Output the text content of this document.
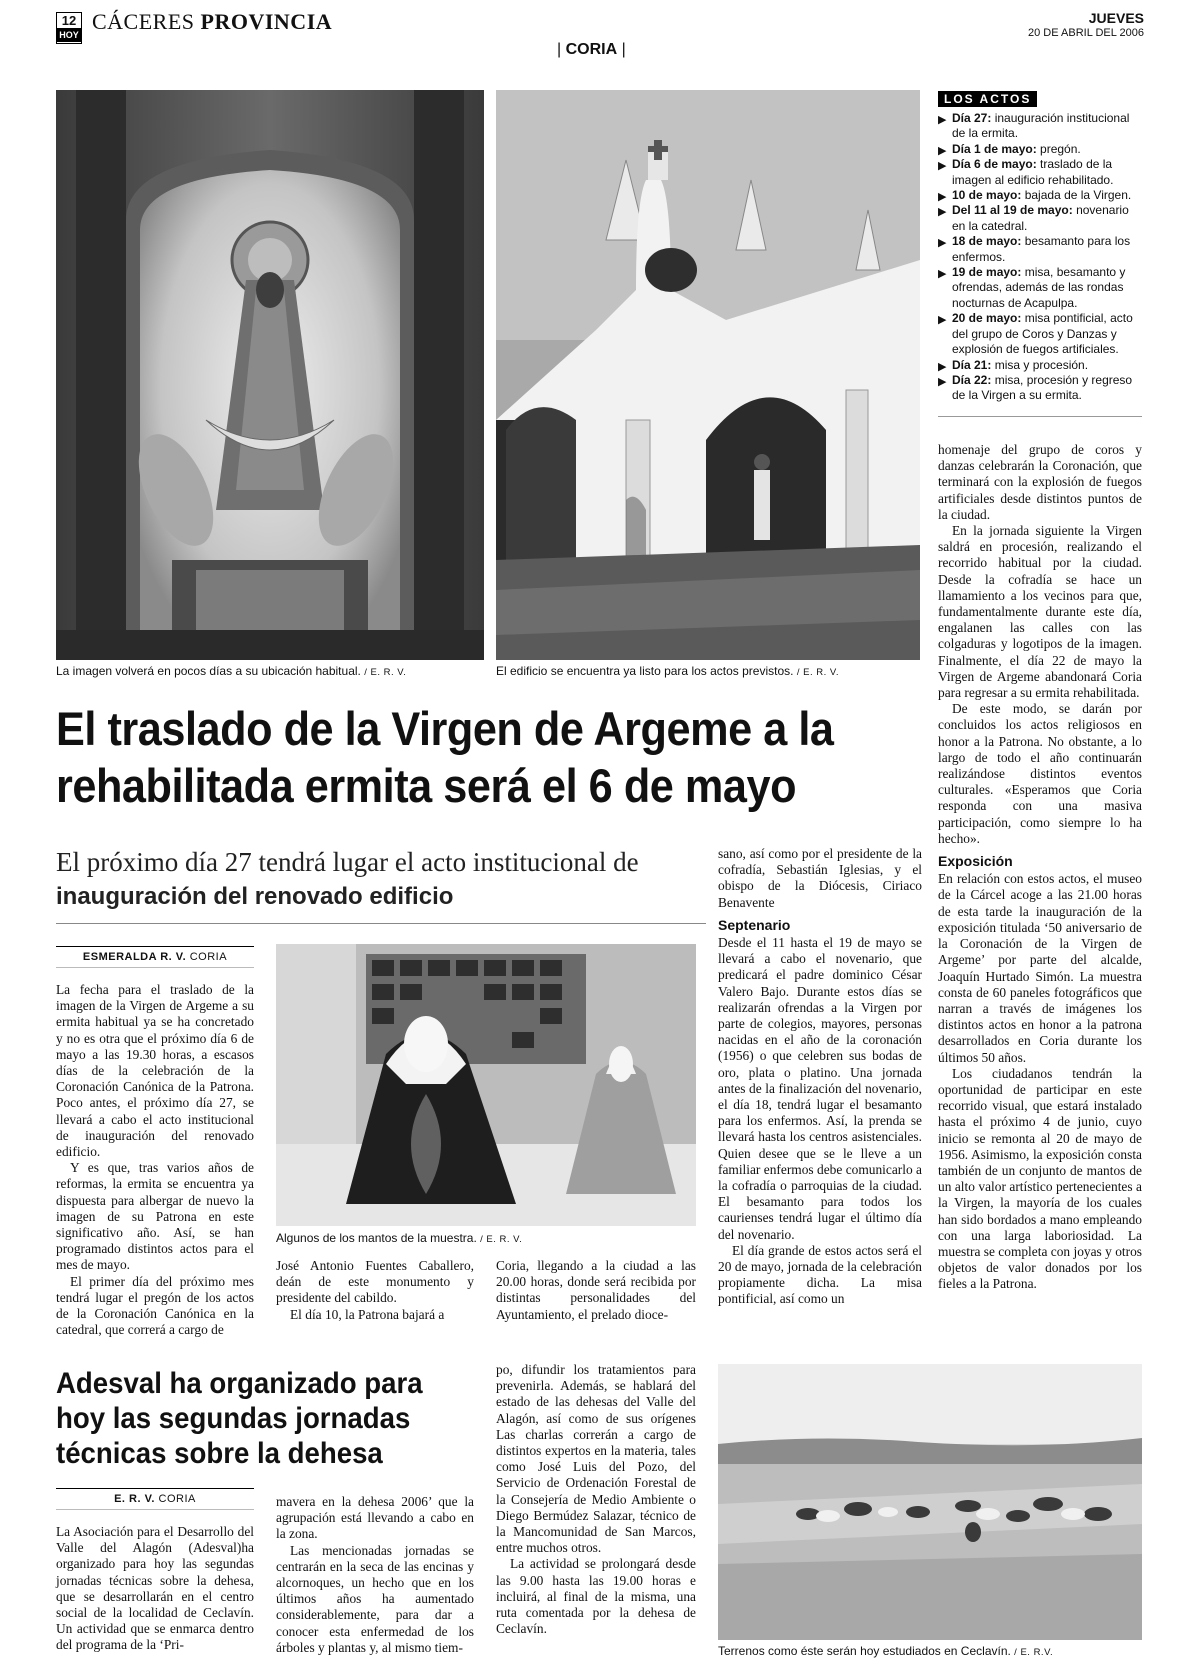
12
HOY
CÁCERES PROVINCIA	JUEVES
20 DE ABRIL DEL 2006
| CORIA |
La imagen volverá en pocos días a su ubicación habitual. / E. R. V.	El edificio se encuentra ya listo para los actos previstos. / E. R. V.
LOS ACTOS
▶ Día 27: inauguración institucional de la ermita.
▶ Día 1 de mayo: pregón.
▶ Día 6 de mayo: traslado de la imagen al edificio rehabilitado.
▶ 10 de mayo: bajada de la Virgen.
▶ Del 11 al 19 de mayo: novenario en la catedral.
▶ 18 de mayo: besamanto para los enfermos.
▶ 19 de mayo: misa, besamanto y ofrendas, además de las rondas nocturnas de Acapulpa.
▶ 20 de mayo: misa pontificial, acto del grupo de Coros y Danzas y explosión de fuegos artificiales.
▶ Día 21: misa y procesión.
▶ Día 22: misa, procesión y regreso de la Virgen a su ermita.
El traslado de la Virgen de Argeme a la rehabilitada ermita será el 6 de mayo
El próximo día 27 tendrá lugar el acto institucional de inauguración del renovado edificio
ESMERALDA R. V. CORIA

La fecha para el traslado de la imagen de la Virgen de Argeme a su ermita habitual ya se ha concretado y no es otra que el próximo día 6 de mayo a las 19.30 horas, a escasos días de la celebración de la Coronación Canónica de la Patrona. Poco antes, el próximo día 27, se llevará a cabo el acto institucional de inauguración del renovado edificio.

Y es que, tras varios años de reformas, la ermita se encuentra ya dispuesta para albergar de nuevo la imagen de su Patrona en este significativo año. Así, se han programado distintos actos para el mes de mayo.

El primer día del próximo mes tendrá lugar el pregón de los actos de la Coronación Canónica en la catedral, que correrá a cargo de

Algunos de los mantos de la muestra. / E. R. V.

José Antonio Fuentes Caballero, deán de este monumento y presidente del cabildo.

El día 10, la Patrona bajará a

Coria, llegando a la ciudad a las 20.00 horas, donde será recibida por distintas personalidades del Ayuntamiento, el prelado dioce-

sano, así como por el presidente de la cofradía, Sebastián Iglesias, y el obispo de la Diócesis, Ciriaco Benavente

Septenario

Desde el 11 hasta el 19 de mayo se llevará a cabo el novenario, que predicará el padre dominico César Valero Bajo. Durante estos días se realizarán ofrendas a la Virgen por parte de colegios, mayores, personas nacidas en el año de la coronación (1956) o que celebren sus bodas de oro, plata o platino. Una jornada antes de la finalización del novenario, el día 18, tendrá lugar el besamanto para los enfermos. Así, la prenda se llevará hasta los centros asistenciales. Quien desee que se le lleve a un familiar enfermos debe comunicarlo a la cofradía o parroquias de la ciudad. El besamanto para todos los caurienses tendrá lugar el último día del novenario.

El día grande de estos actos será el 20 de mayo, jornada de la celebración propiamente dicha. La misa pontificial, así como un

homenaje del grupo de coros y danzas celebrarán la Coronación, que terminará con la explosión de fuegos artificiales desde distintos puntos de la ciudad.

En la jornada siguiente la Virgen saldrá en procesión, realizando el recorrido habitual por la ciudad. Desde la cofradía se hace un llamamiento a los vecinos para que, fundamentalmente durante este día, engalanen las calles con las colgaduras y logotipos de la imagen. Finalmente, el día 22 de mayo la Virgen de Argeme abandonará Coria para regresar a su ermita rehabilitada.

De este modo, se darán por concluidos los actos religiosos en honor a la Patrona. No obstante, a lo largo de todo el año continuarán realizándose distintos eventos culturales. «Esperamos que Coria responda con una masiva participación, como siempre lo ha hecho».

Exposición

En relación con estos actos, el museo de la Cárcel acoge a las 21.00 horas de esta tarde la inauguración de la exposición titulada ‘50 aniversario de la Coronación de la Virgen de Argeme’ por parte del alcalde, Joaquín Hurtado Simón. La muestra consta de 60 paneles fotográficos que narran a través de imágenes los distintos actos en honor a la patrona desarrollados en Coria durante los últimos 50 años.

Los ciudadanos tendrán la oportunidad de participar en este recorrido visual, que estará instalado hasta el próximo 4 de junio, cuyo inicio se remonta al 20 de mayo de 1956. Asimismo, la exposición consta también de un conjunto de mantos de un alto valor artístico pertenecientes a la Virgen, la mayoría de los cuales han sido bordados a mano empleando con una larga laboriosidad. La muestra se completa con joyas y otros objetos de valor donados por los fieles a la Patrona.

Adesval ha organizado para hoy las segundas jornadas técnicas sobre la dehesa
E. R. V. CORIA

La Asociación para el Desarrollo del Valle del Alagón (Adesval)ha organizado para hoy las segundas jornadas técnicas sobre la dehesa, que se desarrollarán en el centro social de la localidad de Ceclavín. Un actividad que se enmarca dentro del programa de la ‘Pri-

mavera en la dehesa 2006’ que la agrupación está llevando a cabo en la zona.

Las mencionadas jornadas se centrarán en la seca de las encinas y alcornoques, un hecho que en los últimos años ha aumentado considerablemente, para dar a conocer esta enfermedad de los árboles y plantas y, al mismo tiem-

po, difundir los tratamientos para prevenirla. Además, se hablará del estado de las dehesas del Valle del Alagón, así como de sus orígenes Las charlas correrán a cargo de distintos expertos en la materia, tales como José Luis del Pozo, del Servicio de Ordenación Forestal de la Consejería de Medio Ambiente o Diego Bermúdez Salazar, técnico de la Mancomunidad de San Marcos, entre muchos otros.

La actividad se prolongará desde las 9.00 hasta las 19.00 horas e incluirá, al final de la misma, una ruta comentada por la dehesa de Ceclavín.

Terrenos como éste serán hoy estudiados en Ceclavín. / E. R.V.
